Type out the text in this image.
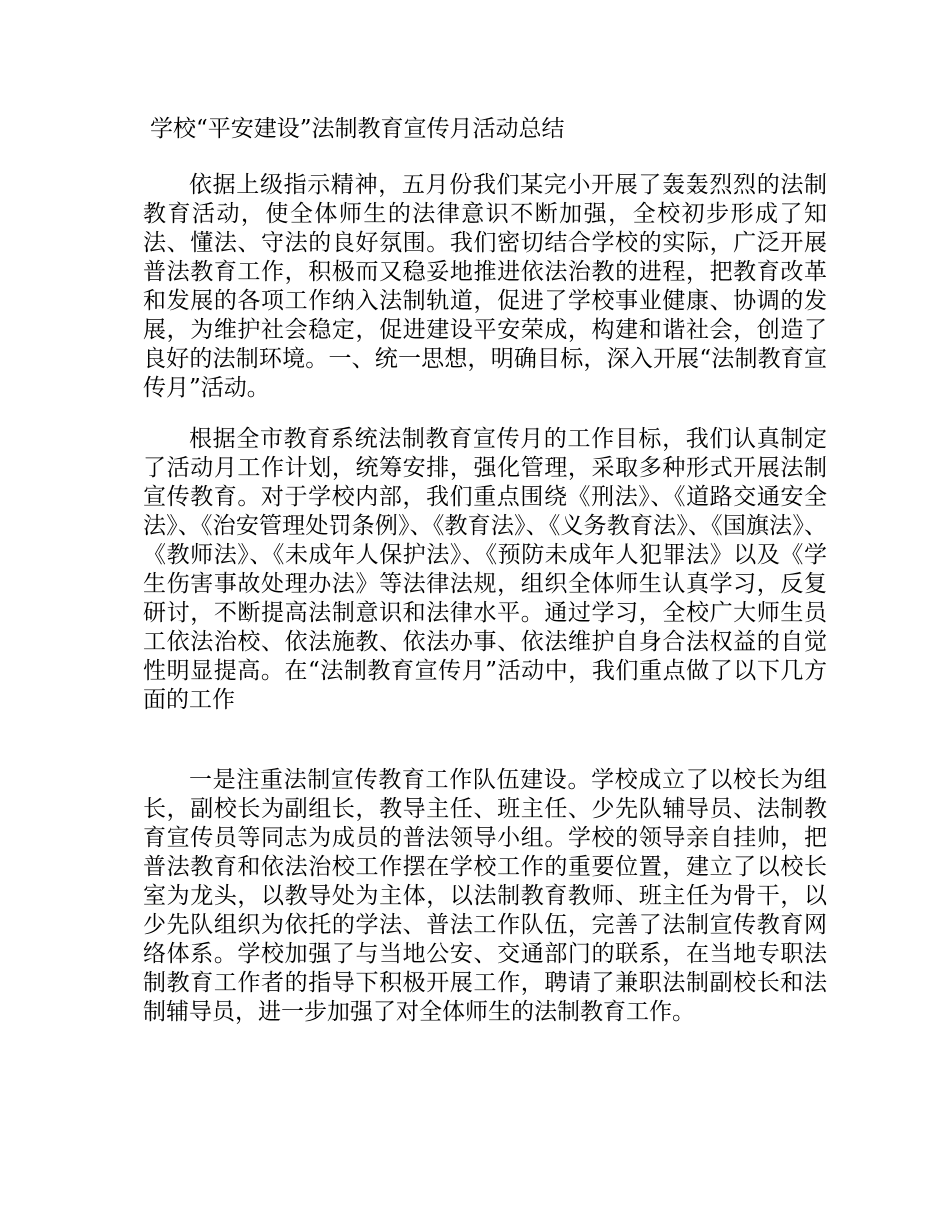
学校“平安建设”法制教育宣传月活动总结

依据上级指示精神，五月份我们某完小开展了轰轰烈烈的法制教育活动，使全体师生的法律意识不断加强，全校初步形成了知法、懂法、守法的良好氛围。我们密切结合学校的实际，广泛开展普法教育工作，积极而又稳妥地推进依法治教的进程，把教育改革和发展的各项工作纳入法制轨道，促进了学校事业健康、协调的发展，为维护社会稳定，促进建设平安荣成，构建和谐社会，创造了良好的法制环境。一、统一思想，明确目标，深入开展“法制教育宣传月”活动。

根据全市教育系统法制教育宣传月的工作目标，我们认真制定了活动月工作计划，统筹安排，强化管理，采取多种形式开展法制宣传教育。对于学校内部，我们重点围绕《刑法》、《道路交通安全法》、《治安管理处罚条例》、《教育法》、《义务教育法》、《国旗法》、《教师法》、《未成年人保护法》、《预防未成年人犯罪法》以及《学生伤害事故处理办法》等法律法规，组织全体师生认真学习，反复研讨，不断提高法制意识和法律水平。通过学习，全校广大师生员工依法治校、依法施教、依法办事、依法维护自身合法权益的自觉性明显提高。在“法制教育宣传月”活动中，我们重点做了以下几方面的工作

一是注重法制宣传教育工作队伍建设。学校成立了以校长为组长，副校长为副组长，教导主任、班主任、少先队辅导员、法制教育宣传员等同志为成员的普法领导小组。学校的领导亲自挂帅，把普法教育和依法治校工作摆在学校工作的重要位置，建立了以校长室为龙头，以教导处为主体，以法制教育教师、班主任为骨干，以少先队组织为依托的学法、普法工作队伍，完善了法制宣传教育网络体系。学校加强了与当地公安、交通部门的联系，在当地专职法制教育工作者的指导下积极开展工作，聘请了兼职法制副校长和法制辅导员，进一步加强了对全体师生的法制教育工作。
